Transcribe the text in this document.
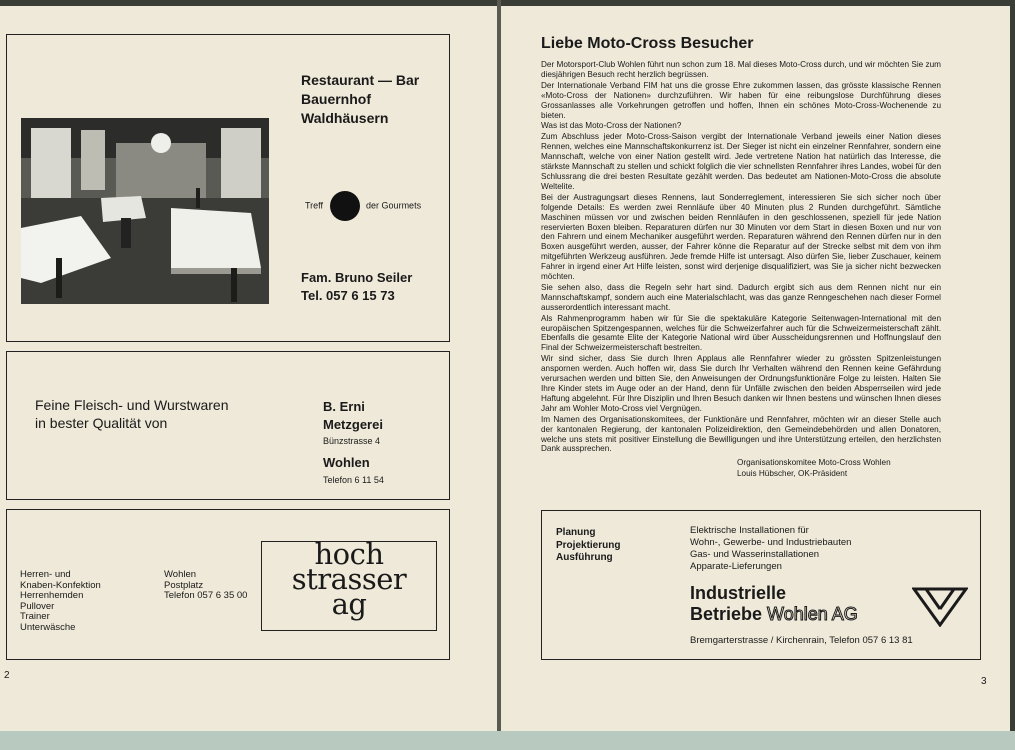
Restaurant — Bar
Bauernhof
Waldhäusern
Treff	der Gourmets
Fam. Bruno Seiler
Tel. 057 6 15 73
Feine Fleisch- und Wurstwaren
in bester Qualität von
B. Erni
Metzgerei
Bünzstrasse 4
Wohlen
Telefon 6 11 54
Herren- und
Knaben-Konfektion
Herrenhemden
Pullover
Trainer
Unterwäsche
Wohlen
Postplatz
Telefon 057 6 35 00
hoch
strasser
ag
2
Liebe Moto-Cross Besucher

Der Motorsport-Club Wohlen führt nun schon zum 18. Mal dieses Moto-Cross durch, und wir möchten Sie zum diesjährigen Besuch recht herzlich begrüssen.

Der Internationale Verband FIM hat uns die grosse Ehre zukommen lassen, das grösste klassische Rennen «Moto-Cross der Nationen» durchzuführen. Wir haben für eine reibungslose Durchführung dieses Grossanlasses alle Vorkehrungen getroffen und hoffen, Ihnen ein schönes Moto-Cross-Wochenende zu bieten.

Was ist das Moto-Cross der Nationen?

Zum Abschluss jeder Moto-Cross-Saison vergibt der Internationale Verband jeweils einer Nation dieses Rennen, welches eine Mannschaftskonkurrenz ist. Der Sieger ist nicht ein einzelner Rennfahrer, sondern eine Mannschaft, welche von einer Nation gestellt wird. Jede vertretene Nation hat natürlich das Interesse, die stärkste Mannschaft zu stellen und schickt folglich die vier schnellsten Rennfahrer ihres Landes, wobei für den Schlussrang die drei besten Resultate gezählt werden. Das bedeutet am Nationen-Moto-Cross die absolute Weltelite.

Bei der Austragungsart dieses Rennens, laut Sonderreglement, interessieren Sie sich sicher noch über folgende Details: Es werden zwei Rennläufe über 40 Minuten plus 2 Runden durchgeführt. Sämtliche Maschinen müssen vor und zwischen beiden Rennläufen in den geschlossenen, speziell für jede Nation reservierten Boxen bleiben. Reparaturen dürfen nur 30 Minuten vor dem Start in diesen Boxen und nur von den Fahrern und einem Mechaniker ausgeführt werden. Reparaturen während den Rennen dürfen nur in den Boxen ausgeführt werden, ausser, der Fahrer könne die Reparatur auf der Strecke selbst mit dem von ihm mitgeführten Werkzeug ausführen. Jede fremde Hilfe ist untersagt. Also dürfen Sie, lieber Zuschauer, keinem Fahrer in irgend einer Art Hilfe leisten, sonst wird derjenige disqualifiziert, was Sie ja sicher nicht bezwecken möchten.

Sie sehen also, dass die Regeln sehr hart sind. Dadurch ergibt sich aus dem Rennen nicht nur ein Mannschaftskampf, sondern auch eine Materialschlacht, was das ganze Renngeschehen nach dieser Formel ausserordentlich interessant macht.

Als Rahmenprogramm haben wir für Sie die spektakuläre Kategorie Seitenwagen-International mit den europäischen Spitzengespannen, welches für die Schweizerfahrer auch für die Schweizermeisterschaft zählt. Ebenfalls die gesamte Elite der Kategorie National wird über Ausscheidungsrennen und Hoffnungslauf den Final der Schweizermeisterschaft bestreiten.

Wir sind sicher, dass Sie durch Ihren Applaus alle Rennfahrer wieder zu grössten Spitzenleistungen anspornen werden. Auch hoffen wir, dass Sie durch Ihr Verhalten während den Rennen keine Gefährdung verursachen werden und bitten Sie, den Anweisungen der Ordnungsfunktionäre Folge zu leisten. Halten Sie Ihre Kinder stets im Auge oder an der Hand, denn für Unfälle zwischen den beiden Absperrseilen wird jede Haftung abgelehnt. Für Ihre Disziplin und Ihren Besuch danken wir Ihnen bestens und wünschen Ihnen dieses Jahr am Wohler Moto-Cross viel Vergnügen.

Im Namen des Organisationskomitees, der Funktionäre und Rennfahrer, möchten wir an dieser Stelle auch der kantonalen Regierung, der kantonalen Polizeidirektion, den Gemeindebehörden und allen Donatoren, welche uns stets mit positiver Einstellung die Bewilligungen und ihre Unterstützung erteilen, den herzlichsten Dank aussprechen.

Organisationskomitee Moto-Cross Wohlen
Louis Hübscher, OK-Präsident
Planung
Projektierung
Ausführung
Elektrische Installationen für
Wohn-, Gewerbe- und Industriebauten
Gas- und Wasserinstallationen
Apparate-Lieferungen
Industrielle
Betriebe Wohlen AG
Bremgarterstrasse / Kirchenrain, Telefon 057 6 13 81
3
